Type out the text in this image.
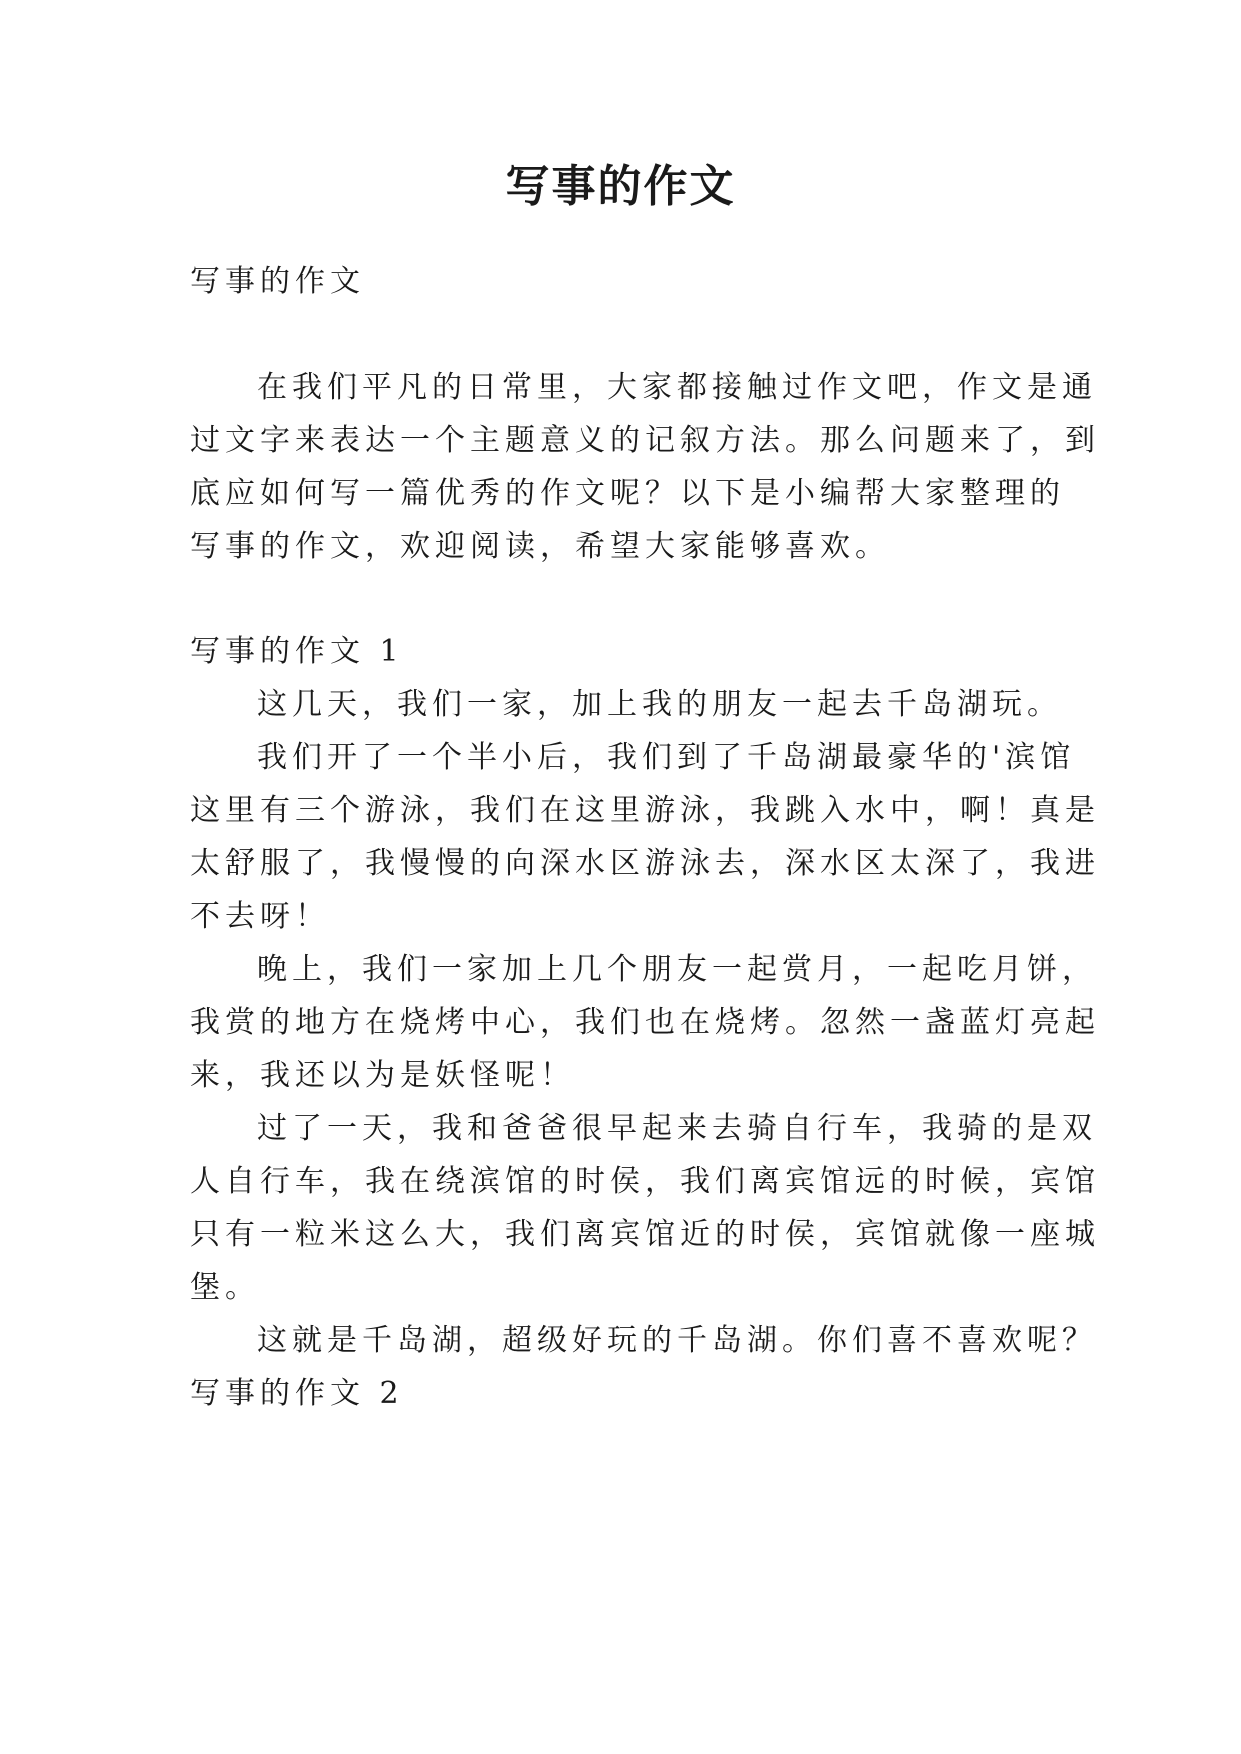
写事的作文

写事的作文

在我们平凡的日常里，大家都接触过作文吧，作文是通

过文字来表达一个主题意义的记叙方法。那么问题来了，到

底应如何写一篇优秀的作文呢？以下是小编帮大家整理的

写事的作文，欢迎阅读，希望大家能够喜欢。

写事的作文 1

这几天，我们一家，加上我的朋友一起去千岛湖玩。

我们开了一个半小后，我们到了千岛湖最豪华的'滨馆

这里有三个游泳，我们在这里游泳，我跳入水中，啊！真是

太舒服了，我慢慢的向深水区游泳去，深水区太深了，我进

不去呀！

晚上，我们一家加上几个朋友一起赏月，一起吃月饼，

我赏的地方在烧烤中心，我们也在烧烤。忽然一盏蓝灯亮起

来，我还以为是妖怪呢！

过了一天，我和爸爸很早起来去骑自行车，我骑的是双

人自行车，我在绕滨馆的时侯，我们离宾馆远的时候，宾馆

只有一粒米这么大，我们离宾馆近的时侯，宾馆就像一座城

堡。

这就是千岛湖，超级好玩的千岛湖。你们喜不喜欢呢？

写事的作文 2
